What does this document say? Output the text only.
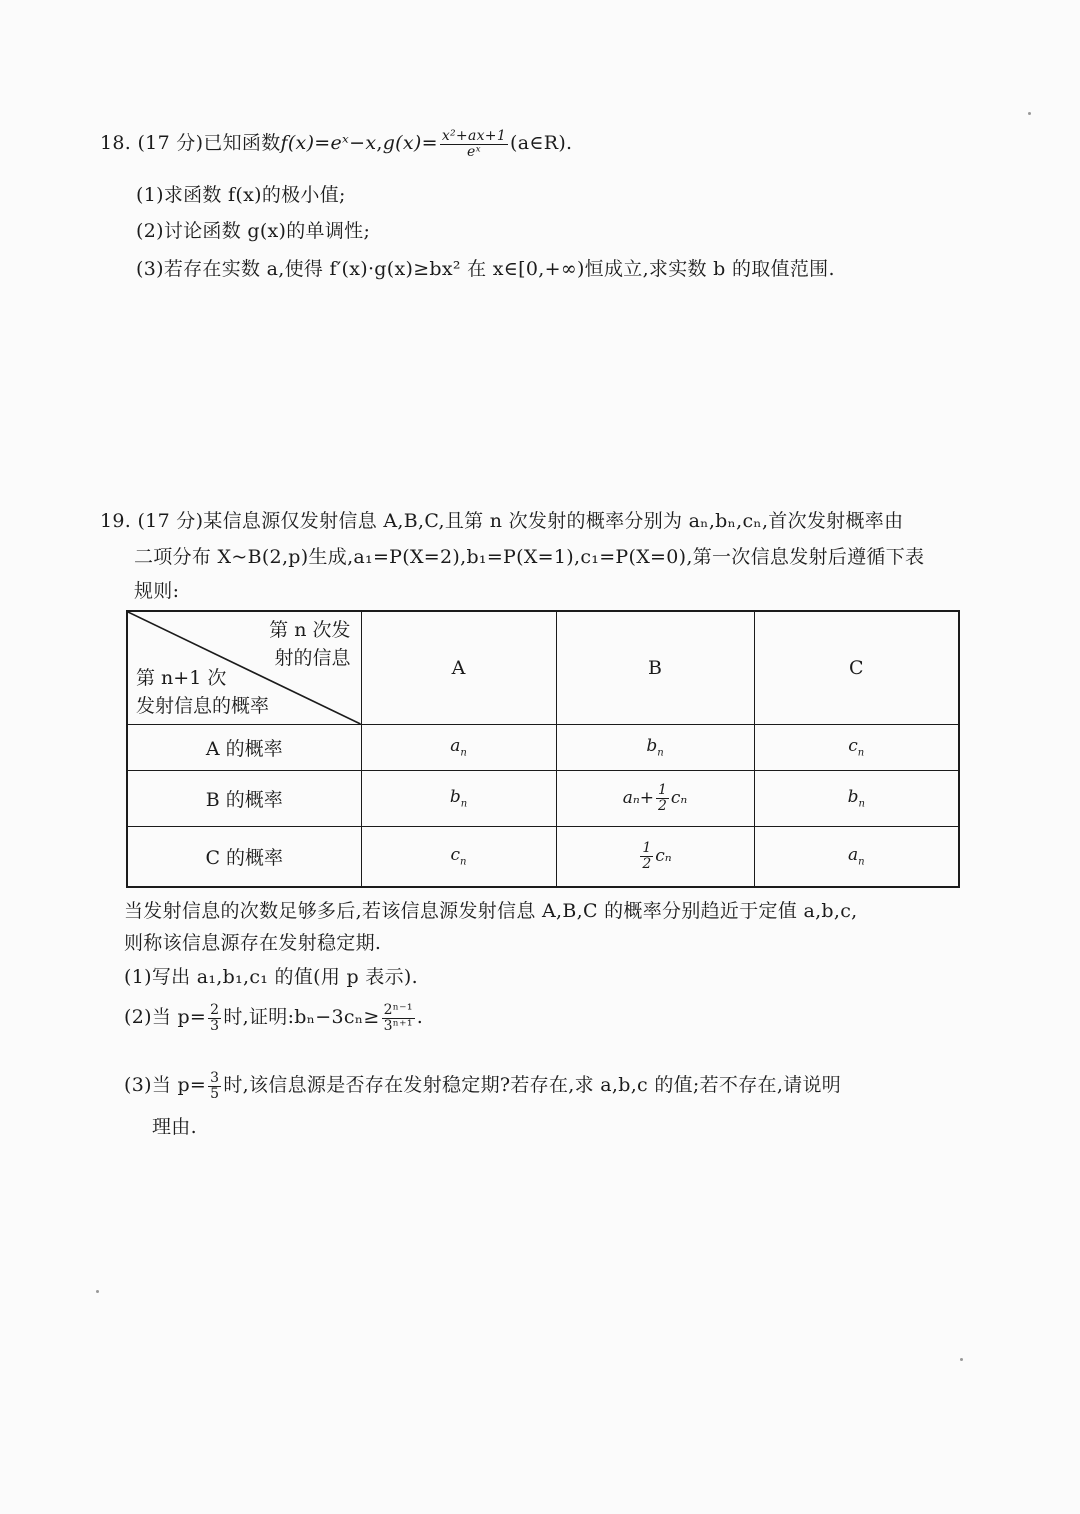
18. (17 分)已知函数f(x)=eˣ−x,g(x)= $\frac{\text{x²+ax+1}}{\text{eˣ}}$ (a∈R).
(1)求函数 f(x)的极小值;
(2)讨论函数 g(x)的单调性;
(3)若存在实数 a,使得 f′(x)·g(x)≥bx² 在 x∈[0,+∞)恒成立,求实数 b 的取值范围.
19. (17 分)某信息源仅发射信息 A,B,C,且第 n 次发射的概率分别为 aₙ,bₙ,cₙ,首次发射概率由
二项分布 X~B(2,p)生成,a₁=P(X=2),b₁=P(X=1),c₁=P(X=0),第一次信息发射后遵循下表
规则:
第 n 次发
射的信息
第 n+1 次
发射信息的概率	A	B	C
A 的概率	$a_n$	$b_n$	$c_n$
B 的概率	$b_n$	$a_n+ \frac{1}{2}$ cₙ	$b_n$
C 的概率	$c_n$	$\frac{1}{2}$ cₙ	$a_n$
当发射信息的次数足够多后,若该信息源发射信息 A,B,C 的概率分别趋近于定值 a,b,c,
则称该信息源存在发射稳定期.
(1)写出 a₁,b₁,c₁ 的值(用 p 表示).
(2)当 $p= \frac{2}{3}$ 时,证明:bₙ−3cₙ≥ $\frac{\text{2ⁿ⁻¹}}{\text{3ⁿ⁺¹}}$ .
(3)当 $p= \frac{3}{5}$ 时,该信息源是否存在发射稳定期?若存在,求 a,b,c 的值;若不存在,请说明
理由.
